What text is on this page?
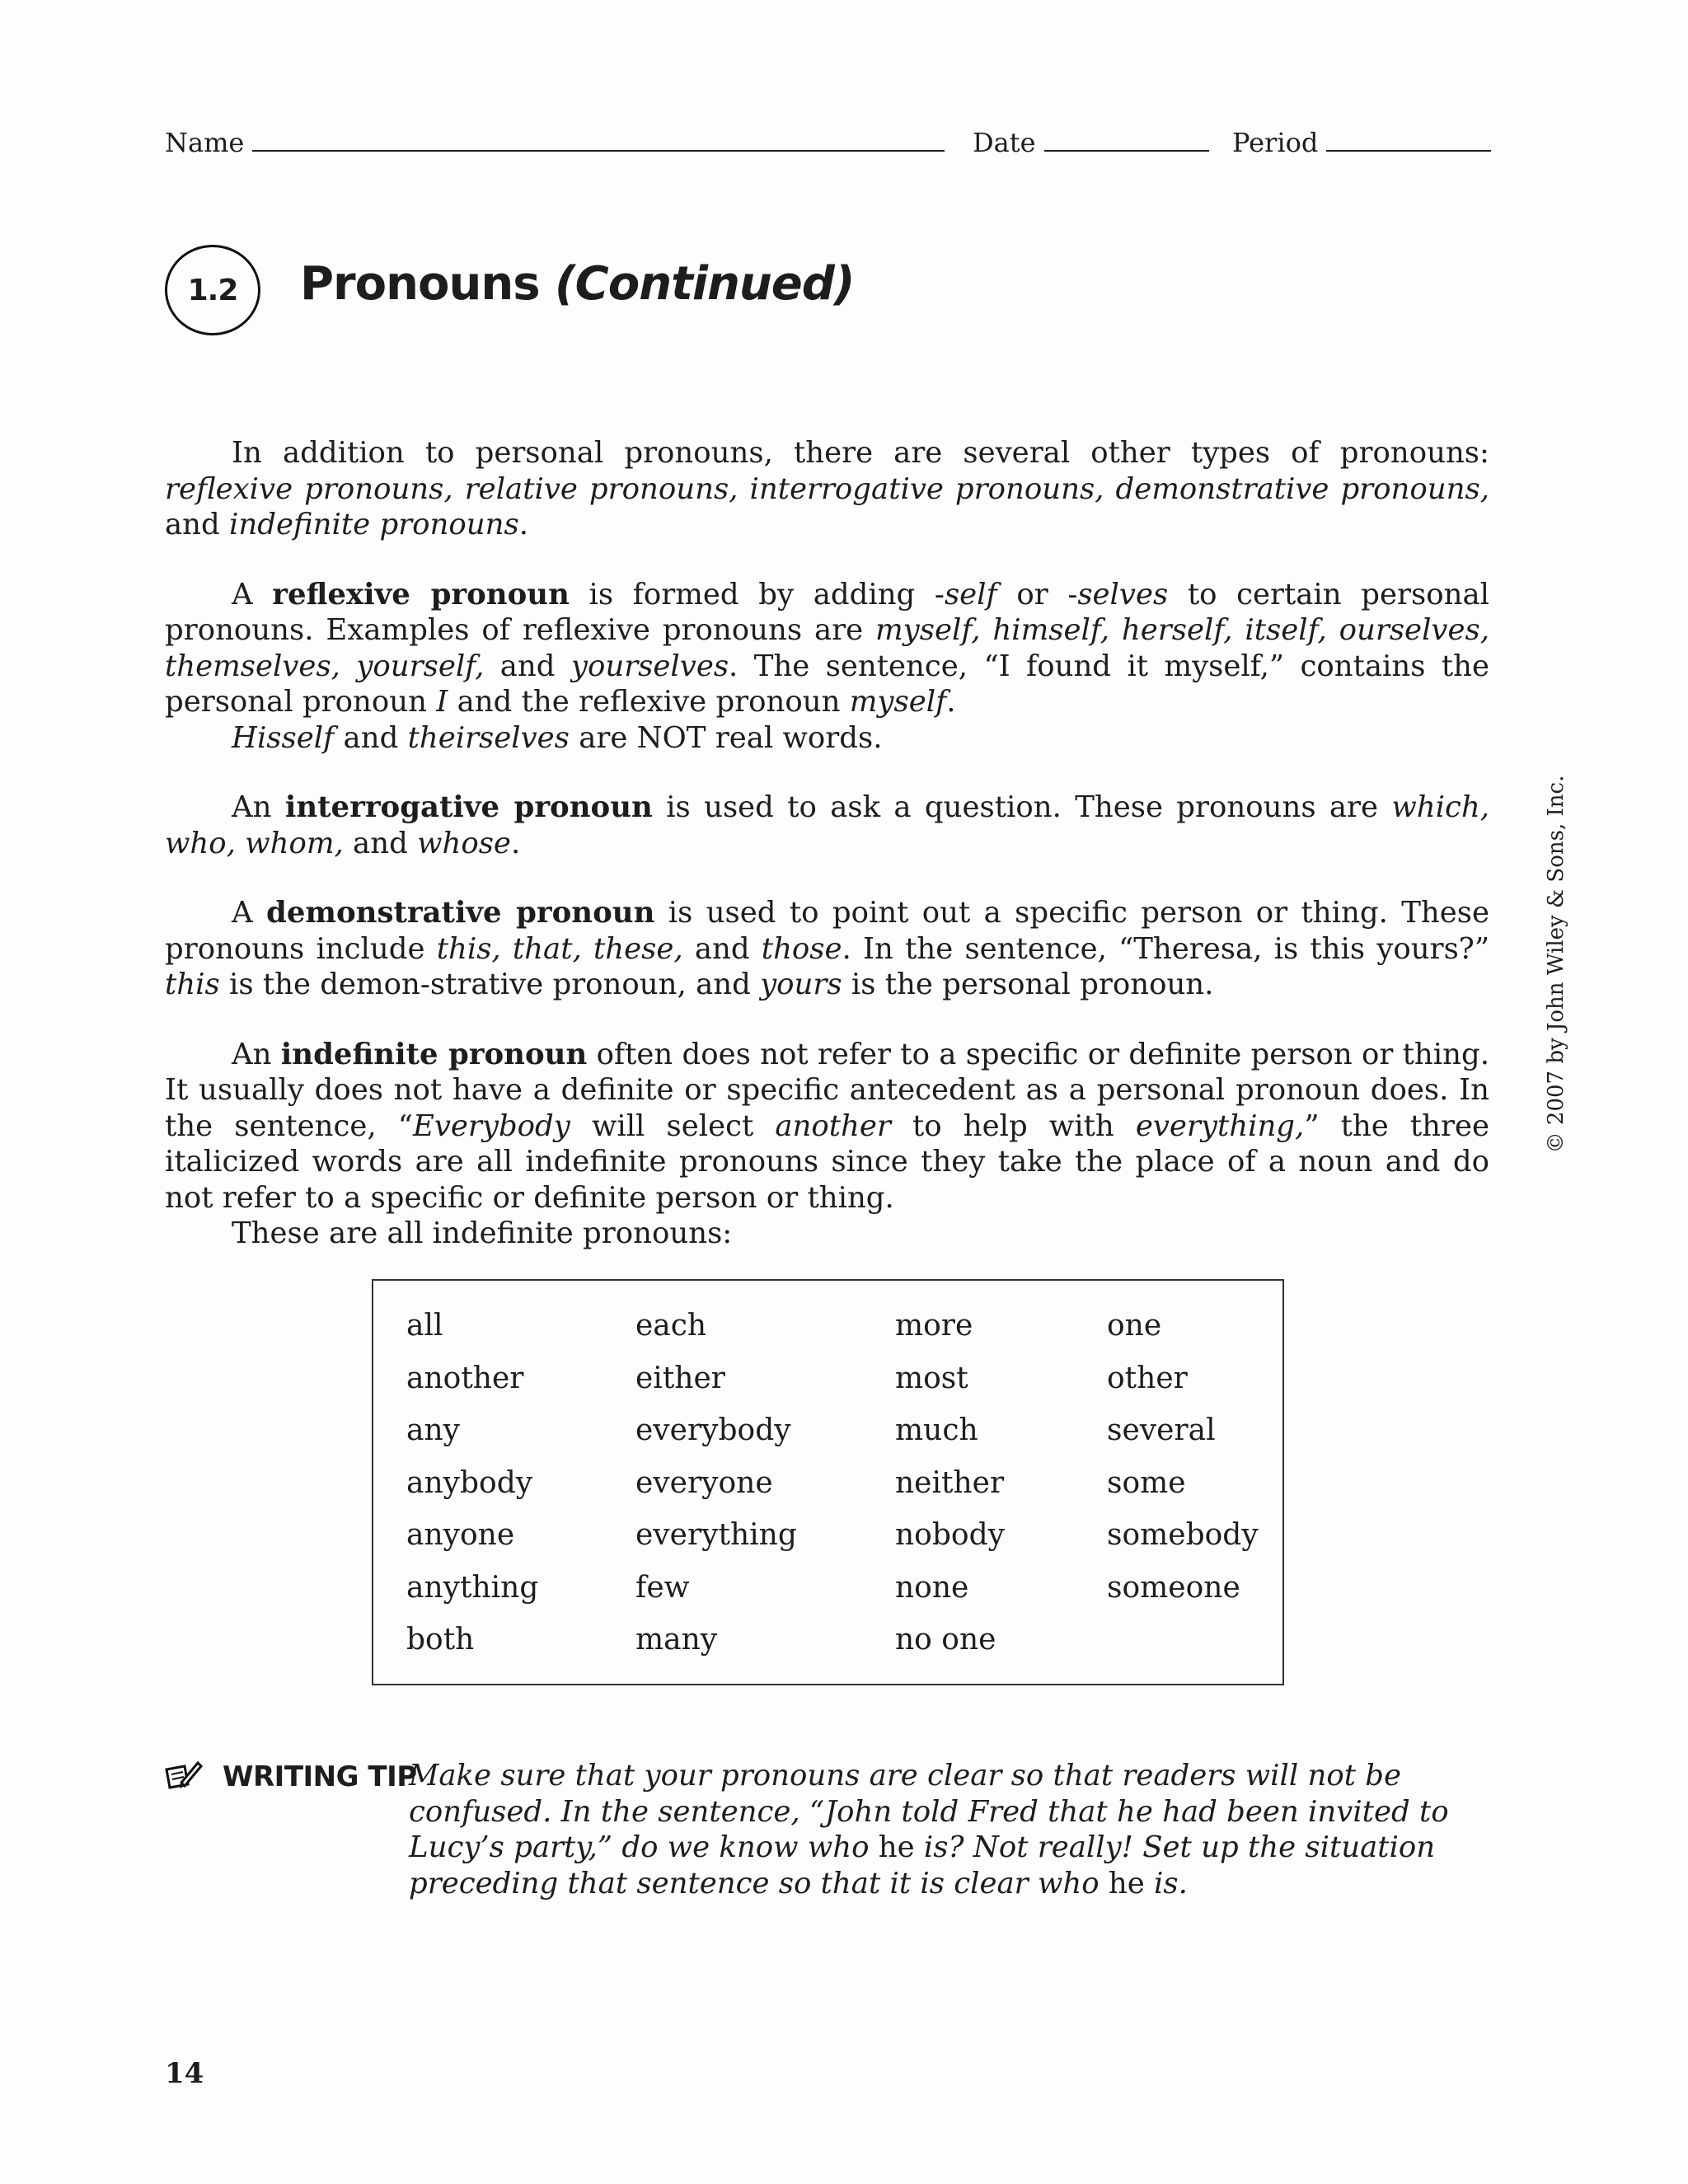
Name	Date	Period
1.2 Pronouns (Continued)

In addition to personal pronouns, there are several other types of pronouns: reflexive pronouns, relative pronouns, interrogative pronouns, demonstrative pronouns, and indefinite pronouns.

A reflexive pronoun is formed by adding -self or -selves to certain personal pronouns. Examples of reflexive pronouns are myself, himself, herself, itself, ourselves, themselves, yourself, and yourselves. The sentence, “I found it myself,” contains the personal pronoun I and the reflexive pronoun myself.

Hisself and theirselves are NOT real words.

An interrogative pronoun is used to ask a question. These pronouns are which, who, whom, and whose.

A demonstrative pronoun is used to point out a specific person or thing. These pronouns include this, that, these, and those. In the sentence, “Theresa, is this yours?” this is the demon-strative pronoun, and yours is the personal pronoun.

An indefinite pronoun often does not refer to a specific or definite person or thing. It usually does not have a definite or specific antecedent as a personal pronoun does. In the sentence, “Everybody will select another to help with everything,” the three italicized words are all indefinite pronouns since they take the place of a noun and do not refer to a specific or definite person or thing.

These are all indefinite pronouns:

all
another
any
anybody
anyone
anything
both
each
either
everybody
everyone
everything
few
many
more
most
much
neither
nobody
none
no one
one
other
several
some
somebody
someone
WRITING TIP
Make sure that your pronouns are clear so that readers will not be confused. In the sentence, “John told Fred that he had been invited to Lucy’s party,” do we know who he is? Not really! Set up the situation preceding that sentence so that it is clear who he is.
14
© 2007 by John Wiley & Sons, Inc.
